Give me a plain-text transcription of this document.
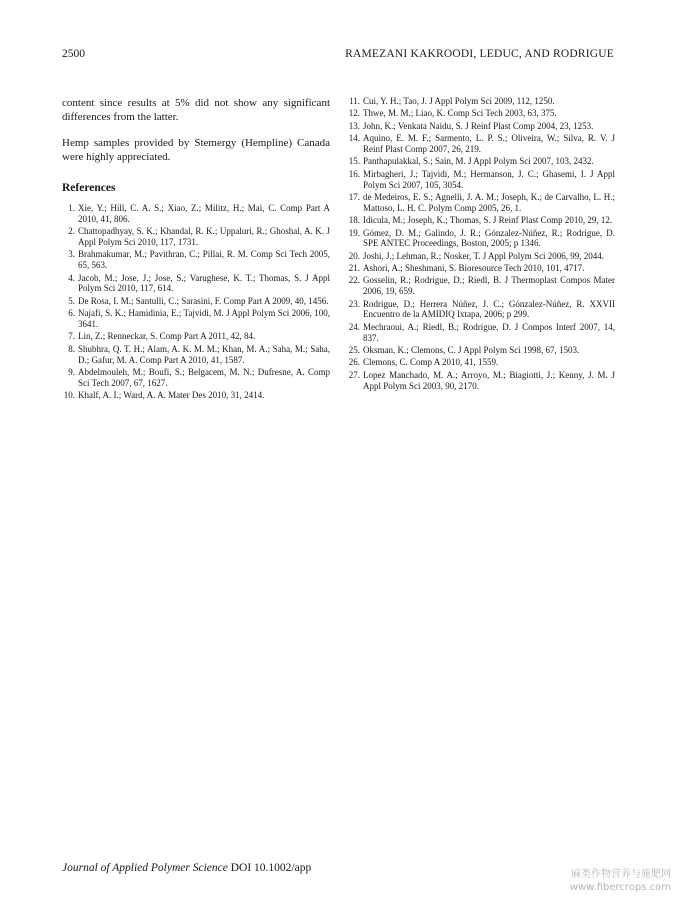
2500	RAMEZANI KAKROODI, LEDUC, AND RODRIGUE

content since results at 5% did not show any significant differences from the latter.

Hemp samples provided by Stemergy (Hempline) Canada were highly appreciated.

References
1. Xie, Y.; Hill, C. A. S.; Xiao, Z.; Militz, H.; Mai, C. Comp Part A 2010, 41, 806.
2. Chattopadhyay, S. K.; Khandal, R. K.; Uppaluri, R.; Ghoshal, A. K. J Appl Polym Sci 2010, 117, 1731.
3. Brahmakumar, M.; Pavithran, C.; Pillai, R. M. Comp Sci Tech 2005, 65, 563.
4. Jacob, M.; Jose, J.; Jose, S.; Varughese, K. T.; Thomas, S. J Appl Polym Sci 2010, 117, 614.
5. De Rosa, I. M.; Santulli, C.; Sarasini, F. Comp Part A 2009, 40, 1456.
6. Najafi, S. K.; Hamidinia, E.; Tajvidi, M. J Appl Polym Sci 2006, 100, 3641.
7. Lin, Z.; Renneckar, S. Comp Part A 2011, 42, 84.
8. Shubhra, Q. T. H.; Alam, A. K. M. M.; Khan, M. A.; Saha, M.; Saha, D.; Gafur, M. A. Comp Part A 2010, 41, 1587.
9. Abdelmouleh, M.; Boufi, S.; Belgacem, M. N.; Dufresne, A. Comp Sci Tech 2007, 67, 1627.
10. Khalf, A. I.; Ward, A. A. Mater Des 2010, 31, 2414.
11. Cui, Y. H.; Tao, J. J Appl Polym Sci 2009, 112, 1250.
12. Thwe, M. M.; Liao, K. Comp Sci Tech 2003, 63, 375.
13. John, K.; Venkata Naidu, S. J Reinf Plast Comp 2004, 23, 1253.
14. Aquino, E. M. F.; Sarmento, L. P. S.; Oliveira, W.; Silva, R. V. J Reinf Plast Comp 2007, 26, 219.
15. Panthapulakkal, S.; Sain, M. J Appl Polym Sci 2007, 103, 2432.
16. Mirbagheri, J.; Tajvidi, M.; Hermanson, J. C.; Ghasemi, I. J Appl Polym Sci 2007, 105, 3054.
17. de Medeiros, E. S.; Agnelli, J. A. M.; Joseph, K.; de Carvalho, L. H.; Mattoso, L. H. C. Polym Comp 2005, 26, 1.
18. Idicula, M.; Joseph, K.; Thomas, S. J Reinf Plast Comp 2010, 29, 12.
19. Gómez, D. M.; Galindo, J. R.; Gónzalez-Núñez, R.; Rodrigue, D. SPE ANTEC Proceedings, Boston, 2005; p 1346.
20. Joshi, J.; Lehman, R.; Nosker, T. J Appl Polym Sci 2006, 99, 2044.
21. Ashori, A.; Sheshmani, S. Bioresource Tech 2010, 101, 4717.
22. Gosselin, R.; Rodrigue, D.; Riedl, B. J Thermoplast Compos Mater 2006, 19, 659.
23. Rodrigue, D.; Herrera Núñez, J. C.; Gónzalez-Núñez, R. XXVII Encuentro de la AMIDIQ Ixtapa, 2006; p 299.
24. Mechraoui, A.; Riedl, B.; Rodrigue, D. J Compos Interf 2007, 14, 837.
25. Oksman, K.; Clemons, C. J Appl Polym Sci 1998, 67, 1503.
26. Clemons, C. Comp A 2010, 41, 1559.
27. Lopez Manchado, M. A.; Arroyo, M.; Biagiotti, J.; Kenny, J. M. J Appl Polym Sci 2003, 90, 2170.
Journal of Applied Polymer Science DOI 10.1002/app
麻类作物营养与施肥网
www.fibercrops.com
